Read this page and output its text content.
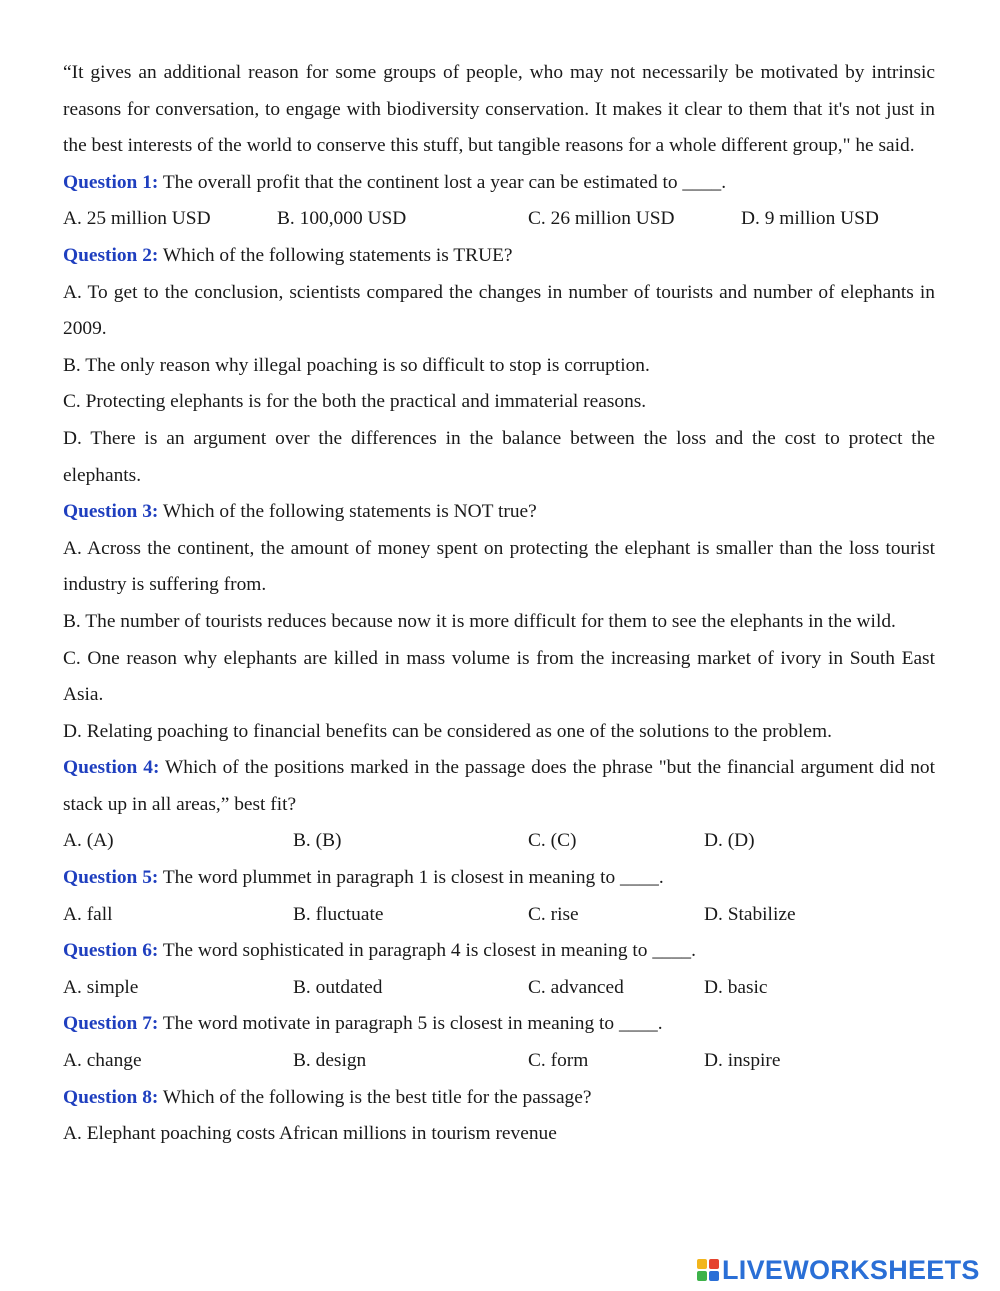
“It gives an additional reason for some groups of people, who may not necessarily be motivated by intrinsic reasons for conversation, to engage with biodiversity conservation. It makes it clear to them that it's not just in the best interests of the world to conserve this stuff, but tangible reasons for a whole different group," he said.

Question 1: The overall profit that the continent lost a year can be estimated to ____.

A. 25 million USD	B. 100,000 USD	C. 26 million USD	D. 9 million USD

Question 2: Which of the following statements is TRUE?

A. To get to the conclusion, scientists compared the changes in number of tourists and number of elephants in 2009.

B. The only reason why illegal poaching is so difficult to stop is corruption.

C. Protecting elephants is for the both the practical and immaterial reasons.

D. There is an argument over the differences in the balance between the loss and the cost to protect the elephants.

Question 3: Which of the following statements is NOT true?

A. Across the continent, the amount of money spent on protecting the elephant is smaller than the loss tourist industry is suffering from.

B. The number of tourists reduces because now it is more difficult for them to see the elephants in the wild.

C. One reason why elephants are killed in mass volume is from the increasing market of ivory in South East Asia.

D. Relating poaching to financial benefits can be considered as one of the solutions to the problem.

Question 4: Which of the positions marked in the passage does the phrase "but the financial argument did not stack up in all areas,” best fit?

A. (A)	B. (B)	C. (C)	D. (D)

Question 5: The word plummet in paragraph 1 is closest in meaning to ____.

A. fall	B. fluctuate	C. rise	D. Stabilize

Question 6: The word sophisticated in paragraph 4 is closest in meaning to ____.

A. simple	B. outdated	C. advanced	D. basic

Question 7: The word motivate in paragraph 5 is closest in meaning to ____.

A. change	B. design	C. form	D. inspire

Question 8: Which of the following is the best title for the passage?

A. Elephant poaching costs African millions in tourism revenue

LIVEWORKSHEETS
